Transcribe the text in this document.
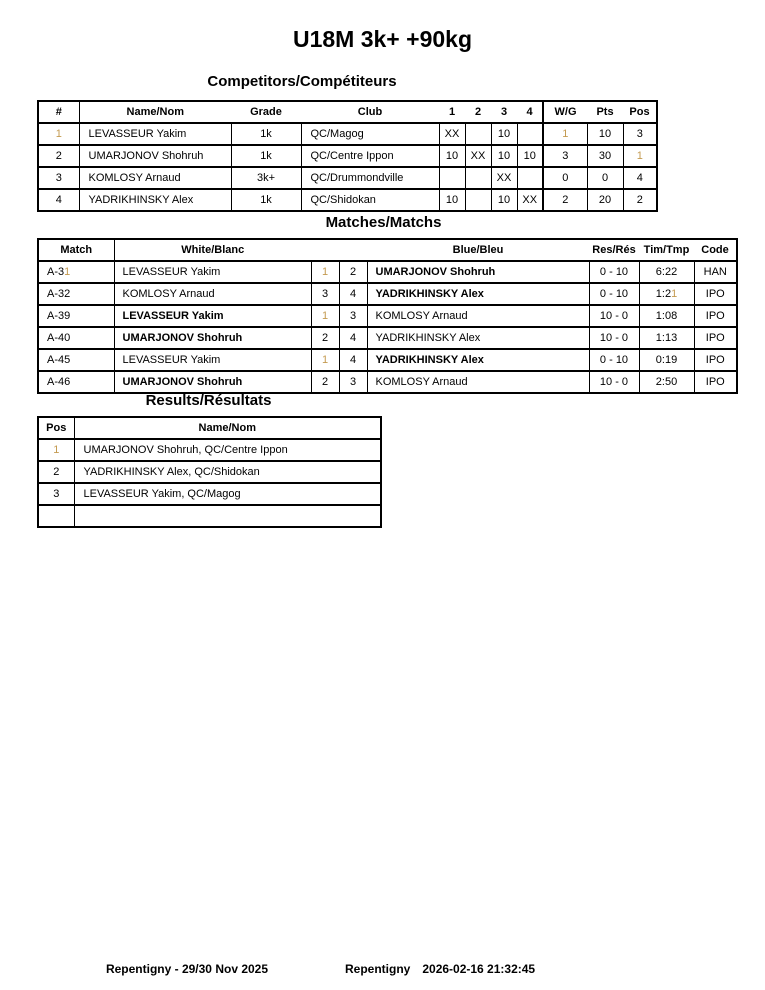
U18M 3k+ +90kg
Competitors/Compétiteurs
#	Name/Nom	Grade	Club	1	2	3	4	W/G	Pts	Pos
1	LEVASSEUR Yakim	1k	QC/Magog	XX		10		1	10	3
2	UMARJONOV Shohruh	1k	QC/Centre Ippon	10	XX	10	10	3	30	1
3	KOMLOSY Arnaud	3k+	QC/Drummondville			XX		0	0	4
4	YADRIKHINSKY Alex	1k	QC/Shidokan	10		10	XX	2	20	2
Matches/Matchs
Match	White/Blanc			Blue/Bleu	Res/Rés	Tim/Tmp	Code
A-31	LEVASSEUR Yakim	1	2	UMARJONOV Shohruh	0 - 10	6:22	HAN
A-32	KOMLOSY Arnaud	3	4	YADRIKHINSKY Alex	0 - 10	1:21	IPO
A-39	LEVASSEUR Yakim	1	3	KOMLOSY Arnaud	10 - 0	1:08	IPO
A-40	UMARJONOV Shohruh	2	4	YADRIKHINSKY Alex	10 - 0	1:13	IPO
A-45	LEVASSEUR Yakim	1	4	YADRIKHINSKY Alex	0 - 10	0:19	IPO
A-46	UMARJONOV Shohruh	2	3	KOMLOSY Arnaud	10 - 0	2:50	IPO
Results/Résultats
Pos	Name/Nom
1	UMARJONOV Shohruh, QC/Centre Ippon
2	YADRIKHINSKY Alex, QC/Shidokan
3	LEVASSEUR Yakim, QC/Magog

Repentigny - 29/30 Nov 2025	Repentigny 2026-02-16 21:32:45
